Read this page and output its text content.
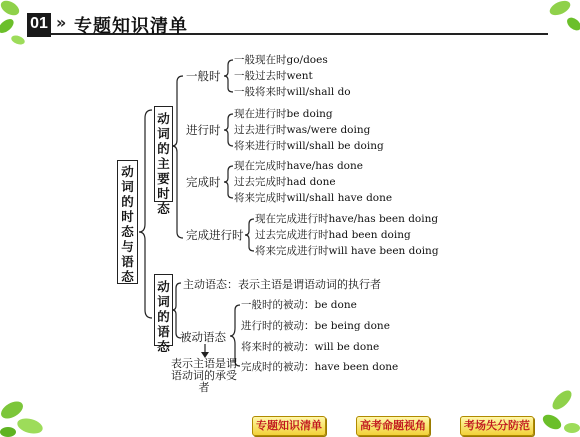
01 » 专题知识清单
动词的时态与语态
动词的主要时态
动词的语态
一般时
进行时
完成时
完成进行时
一般现在时go/does
一般过去时went
一般将来时will/shall do
现在进行时be doing
过去进行时was/were doing
将来进行时will/shall be doing
现在完成时have/has done
过去完成时had done
将来完成时will/shall have done
现在完成进行时have/has been doing
过去完成进行时had been doing
将来完成进行时will have been doing
主动语态：表示主语是谓语动词的执行者
被动语态
表示主语是谓语动词的承受者
一般时的被动：be done
进行时的被动：be being done
将来时的被动：will be done
完成时的被动：have been done
专题知识清单	高考命题视角	考场失分防范
